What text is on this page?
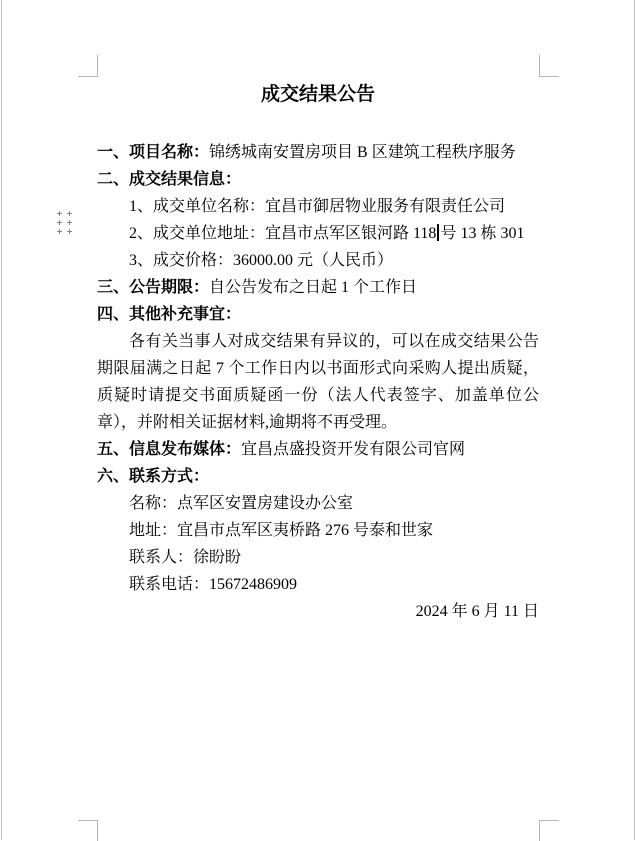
成交结果公告

一、项目名称：锦绣城南安置房项目 B 区建筑工程秩序服务

二、成交结果信息：

1、成交单位名称：宜昌市御居物业服务有限责任公司

2、成交单位地址：宜昌市点军区银河路 118 号 13 栋 301

3、成交价格：36000.00 元（人民币）

三、公告期限：自公告发布之日起 1 个工作日

四、其他补充事宜：

各有关当事人对成交结果有异议的，可以在成交结果公告期限届满之日起 7 个工作日内以书面形式向采购人提出质疑，质疑时请提交书面质疑函一份（法人代表签字、加盖单位公章），并附相关证据材料,逾期将不再受理。

五、信息发布媒体：宜昌点盛投资开发有限公司官网

六、联系方式：

名称：点军区安置房建设办公室

地址：宜昌市点军区夷桥路 276 号泰和世家

联系人：徐盼盼

联系电话：15672486909

2024 年 6 月 11 日
